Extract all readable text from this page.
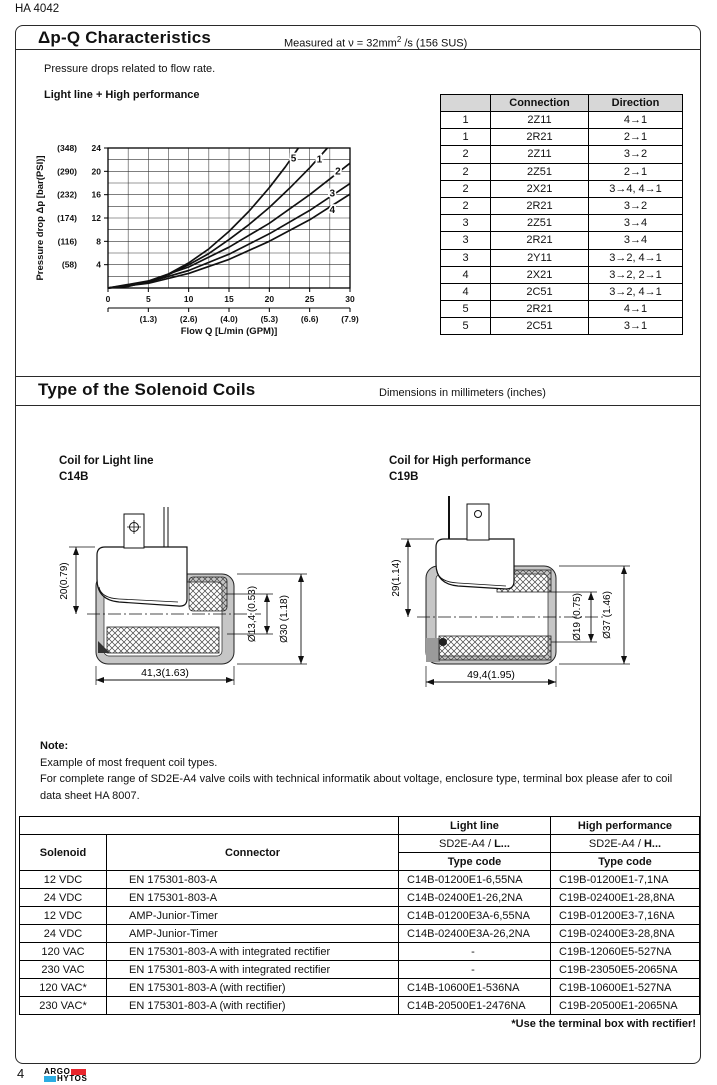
HA 4042
Δp-Q Characteristics	Measured at $\nu = 32mm^2$ /s (156 SUS)
Pressure drops related to flow rate.
Light line + High performance
4
(58)
8
(116)
12
(174)
16
(232)
20
(290)
24
(348)
0	5	10	15	20	25	30
(1.3)	(2.6)	(4.0)	(5.3)	(6.6)	(7.9)
Flow Q [L/min (GPM)]
Pressure drop Δp [bar(PSI)]	5 1
2
3
4
	Connection	Direction
1	2Z11	4→1
1	2R21	2→1
2	2Z11	3→2
2	2Z51	2→1
2	2X21	3→4, 4→1
2	2R21	3→2
3	2Z51	3→4
3	2R21	3→4
3	2Y11	3→2, 4→1
4	2X21	3→2, 2→1
4	2C51	3→2, 4→1
5	2R21	4→1
5	2C51	3→1
Type of the Solenoid Coils	Dimensions in millimeters (inches)
Coil for Light line
C14B
Coil for High performance
C19B
20(0.79)
41,3(1.63)
Ø13,4 (0.53) Ø30 (1.18)
29(1.14)
49,4(1.95)
Ø19 (0.75) Ø37 (1.46)
Note:
Example of most frequent coil types.
For complete range of SD2E-A4 valve coils with technical informatik about voltage, enclosure type, terminal box please afer to coil data sheet HA 8007.
		Light line	High performance
Solenoid	Connector	SD2E-A4 / L...	SD2E-A4 / H...
		Type code	Type code
12 VDC	EN 175301-803-A	C14B-01200E1-6,55NA	C19B-01200E1-7,1NA
24 VDC	EN 175301-803-A	C14B-02400E1-26,2NA	C19B-02400E1-28,8NA
12 VDC	AMP-Junior-Timer	C14B-01200E3A-6,55NA	C19B-01200E3-7,16NA
24 VDC	AMP-Junior-Timer	C14B-02400E3A-26,2NA	C19B-02400E3-28,8NA
120 VAC	EN 175301-803-A with integrated rectifier	-	C19B-12060E5-527NA
230 VAC	EN 175301-803-A with integrated rectifier	-	C19B-23050E5-2065NA
120 VAC*	EN 175301-803-A (with rectifier)	C14B-10600E1-536NA	C19B-10600E1-527NA
230 VAC*	EN 175301-803-A (with rectifier)	C14B-20500E1-2476NA	C19B-20500E1-2065NA
*Use the terminal box with rectifier!
4 ARGO
HYTOS
